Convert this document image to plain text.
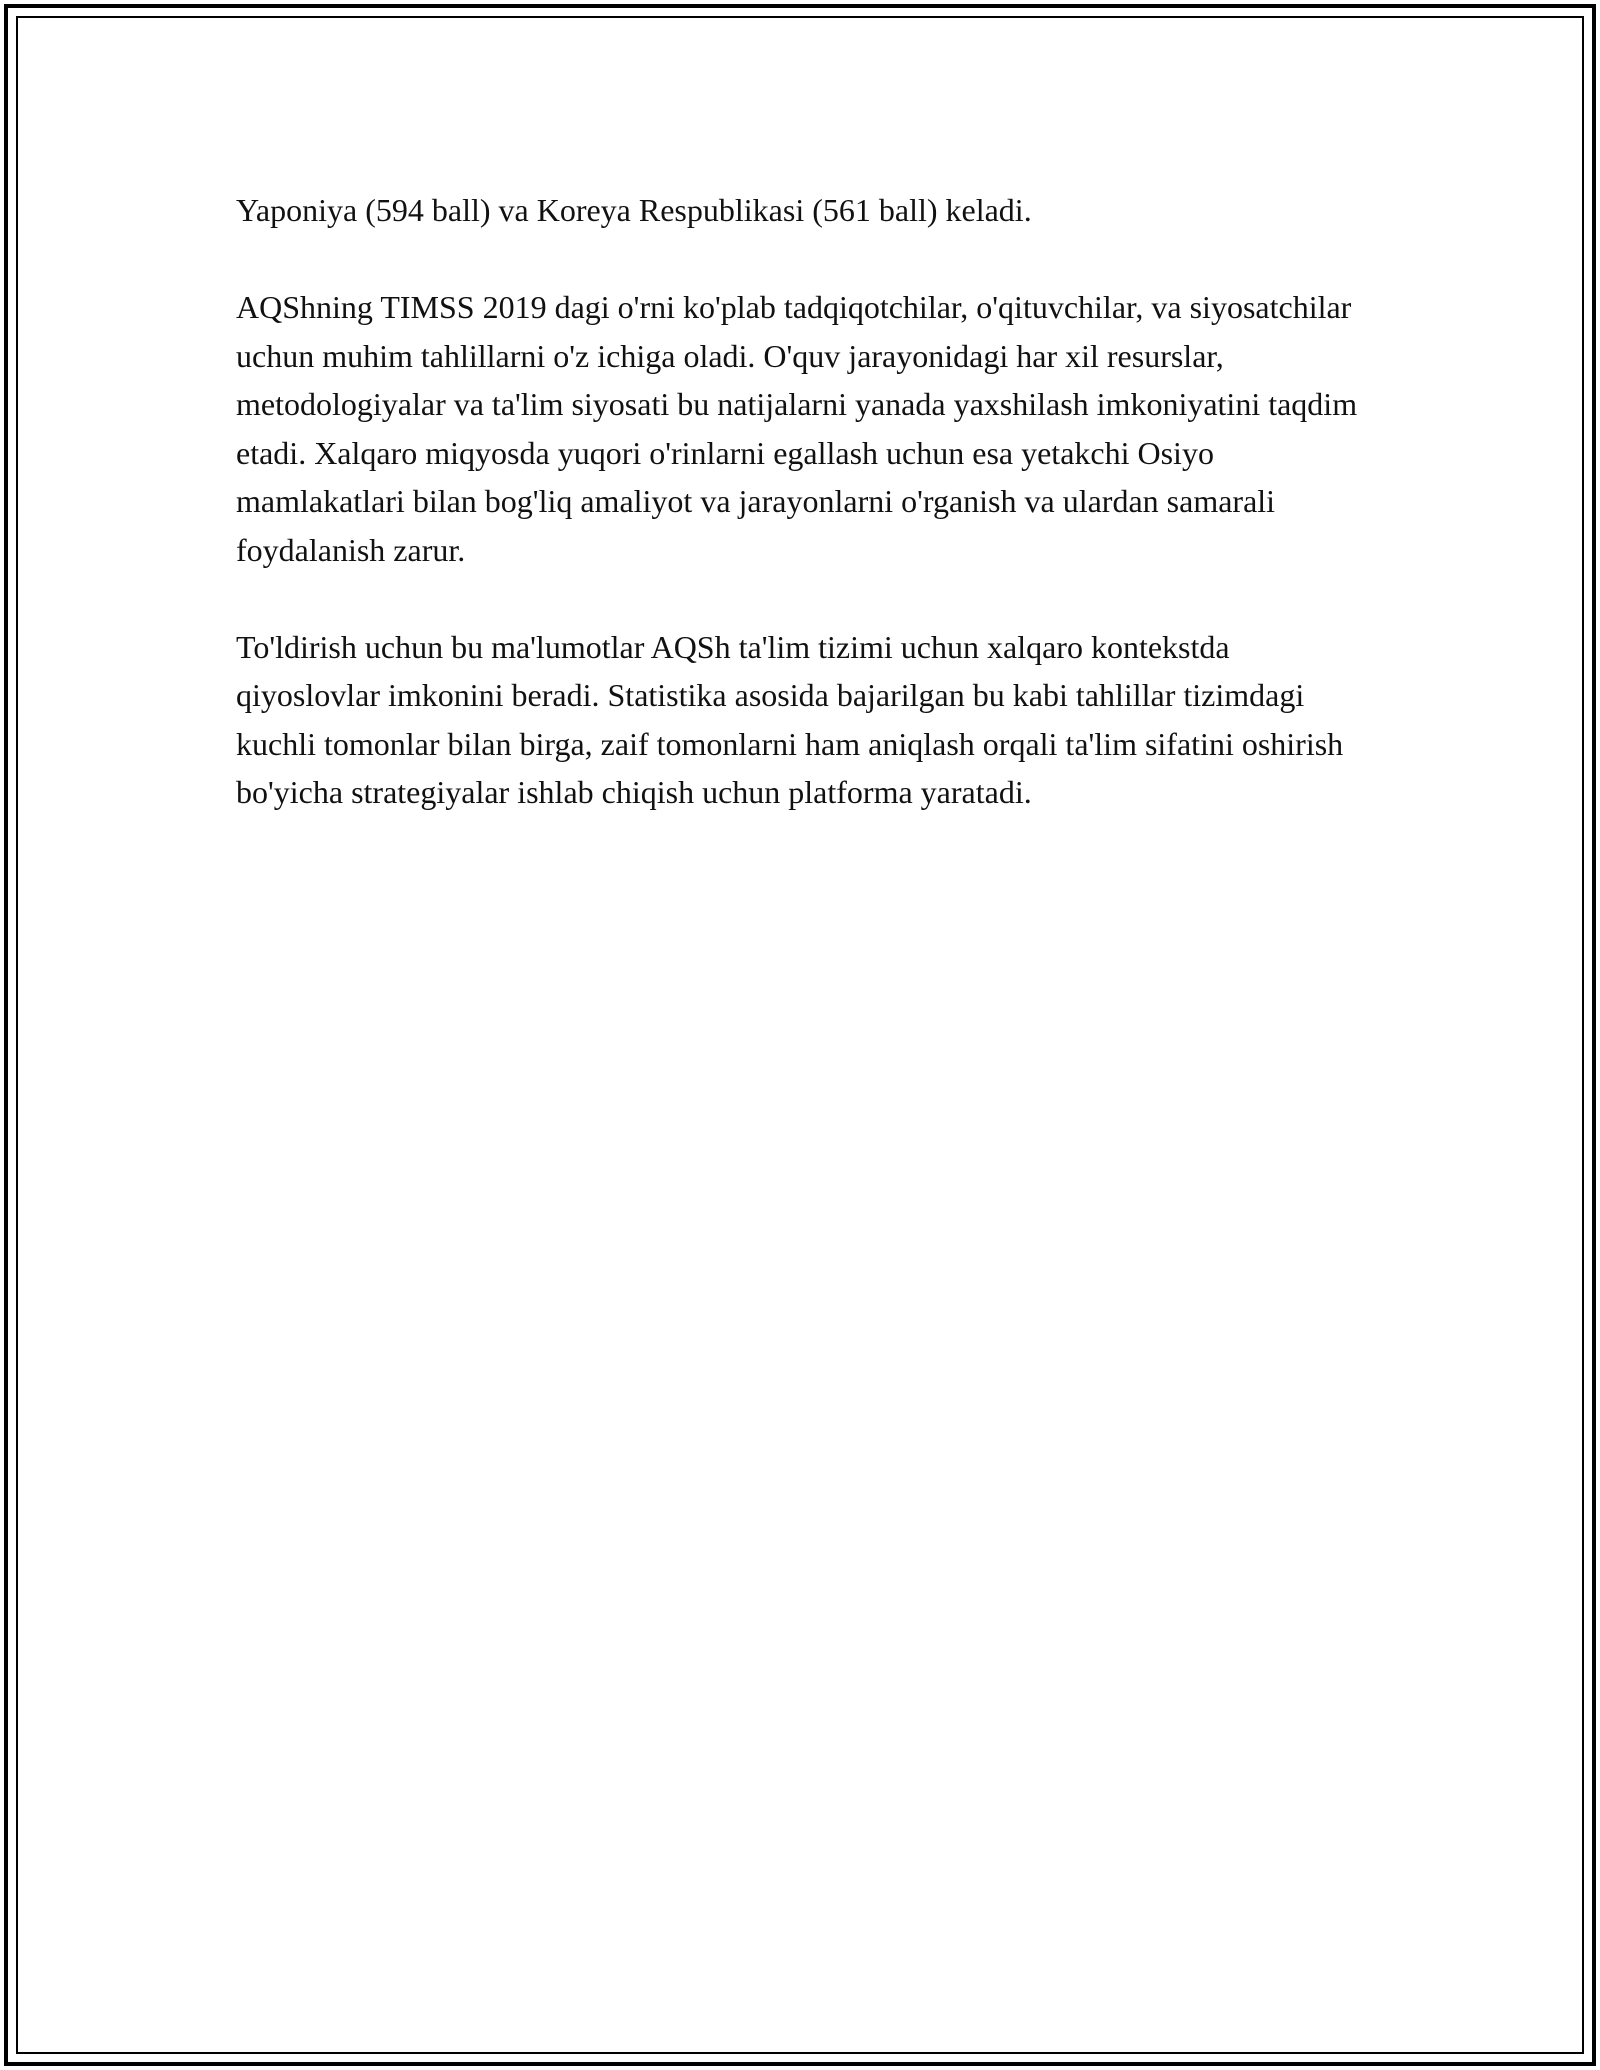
Yaponiya (594 ball) va Koreya Respublikasi (561 ball) keladi.

AQShning TIMSS 2019 dagi o'rni ko'plab tadqiqotchilar, o'qituvchilar, va siyosatchilar uchun muhim tahlillarni o'z ichiga oladi. O'quv jarayonidagi har xil resurslar, metodologiyalar va ta'lim siyosati bu natijalarni yanada yaxshilash imkoniyatini taqdim etadi. Xalqaro miqyosda yuqori o'rinlarni egallash uchun esa yetakchi Osiyo mamlakatlari bilan bog'liq amaliyot va jarayonlarni o'rganish va ulardan samarali foydalanish zarur.

To'ldirish uchun bu ma'lumotlar AQSh ta'lim tizimi uchun xalqaro kontekstda qiyoslovlar imkonini beradi. Statistika asosida bajarilgan bu kabi tahlillar tizimdagi kuchli tomonlar bilan birga, zaif tomonlarni ham aniqlash orqali ta'lim sifatini oshirish bo'yicha strategiyalar ishlab chiqish uchun platforma yaratadi.
